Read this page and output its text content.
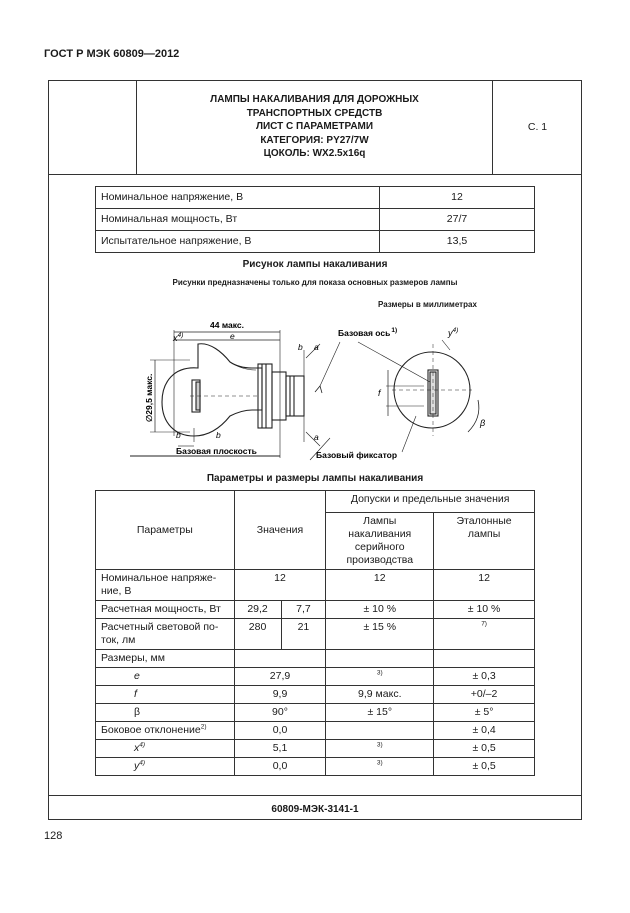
ГОСТ Р МЭК 60809—2012
ЛАМПЫ НАКАЛИВАНИЯ ДЛЯ ДОРОЖНЫХ
ТРАНСПОРТНЫХ СРЕДСТВ
ЛИСТ С ПАРАМЕТРАМИ
КАТЕГОРИЯ: PY27/7W
ЦОКОЛЬ: WX2.5x16q
С. 1
Номинальное напряжение, В	12
Номинальная мощность, Вт	27/7
Испытательное напряжение, В	13,5
Рисунок лампы накаливания
Рисунки предназначены только для показа основных размеров лампы
Размеры в миллиметрах
$x^{4)}$
44 макс.
e
b a
b	b	a
∅29,5 макс.
Базовая ось$^{1)}$	$y^{4)}$
f
β
Базовая плоскость	Базовый фиксатор
Параметры и размеры лампы накаливания
Параметры	Значения		Допуски и предельные значения	
			Лампы накаливания серийного производства	Эталонные лампы
Номинальное напряже-ние, В	12		12	12
Расчетная мощность, Вт	29,2	7,7	± 10 %	± 10 %
Расчетный световой по-ток, лм	280	21	± 15 %	$^{7)}$
Размеры, мм				
e	27,9		$^{3)}$	± 0,3
f	9,9		9,9 макс.	+0/–2
β	90°		± 15°	± 5°
Боковое отклонение$^{2)}$	0,0			± 0,4
$x^{4)}$	5,1		$^{3)}$	± 0,5
$y^{4)}$	0,0		$^{3)}$	± 0,5
60809-МЭК-3141-1
128
